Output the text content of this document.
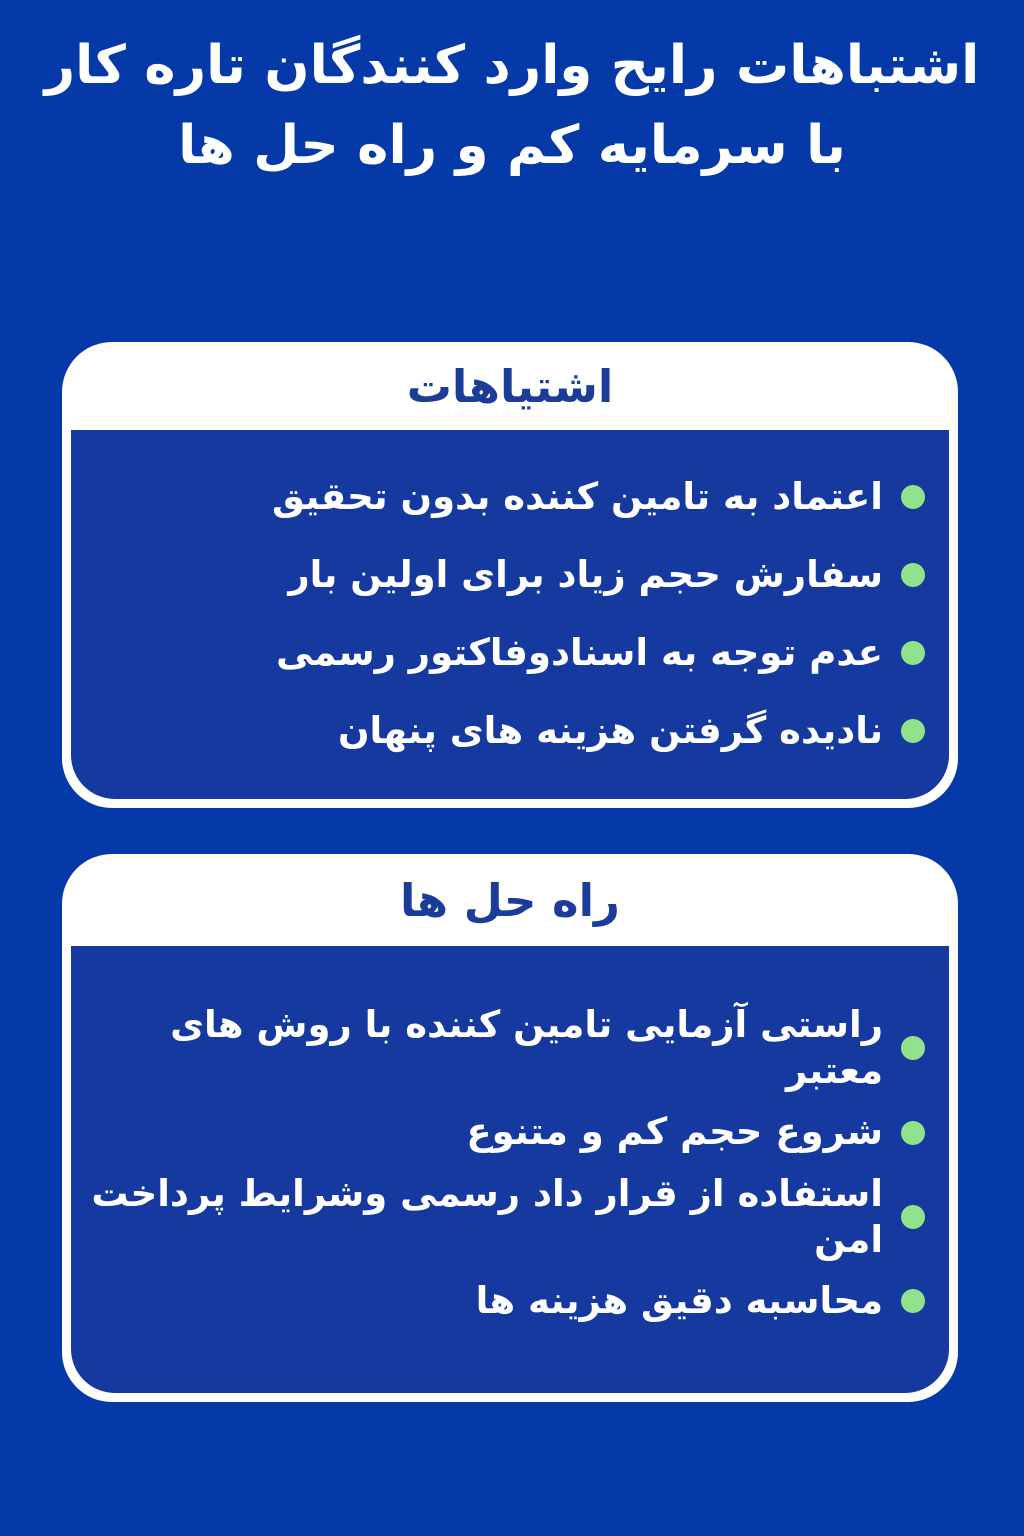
اشتباهات رایح وارد کنندگان تاره کار
با سرمایه کم و راه حل ها
اشتیاهات
اعتماد به تامین کننده بدون تحقیق
سفارش حجم زیاد برای اولین بار
عدم توجه به اسنادوفاکتور رسمی
نادیده گرفتن هزینه های پنهان
راه حل ها
راستی آزمایی تامین کننده با روش های معتبر
شروع حجم کم و متنوع
استفاده از قرار داد رسمی وشرایط پرداخت امن
محاسبه دقیق هزینه ها
